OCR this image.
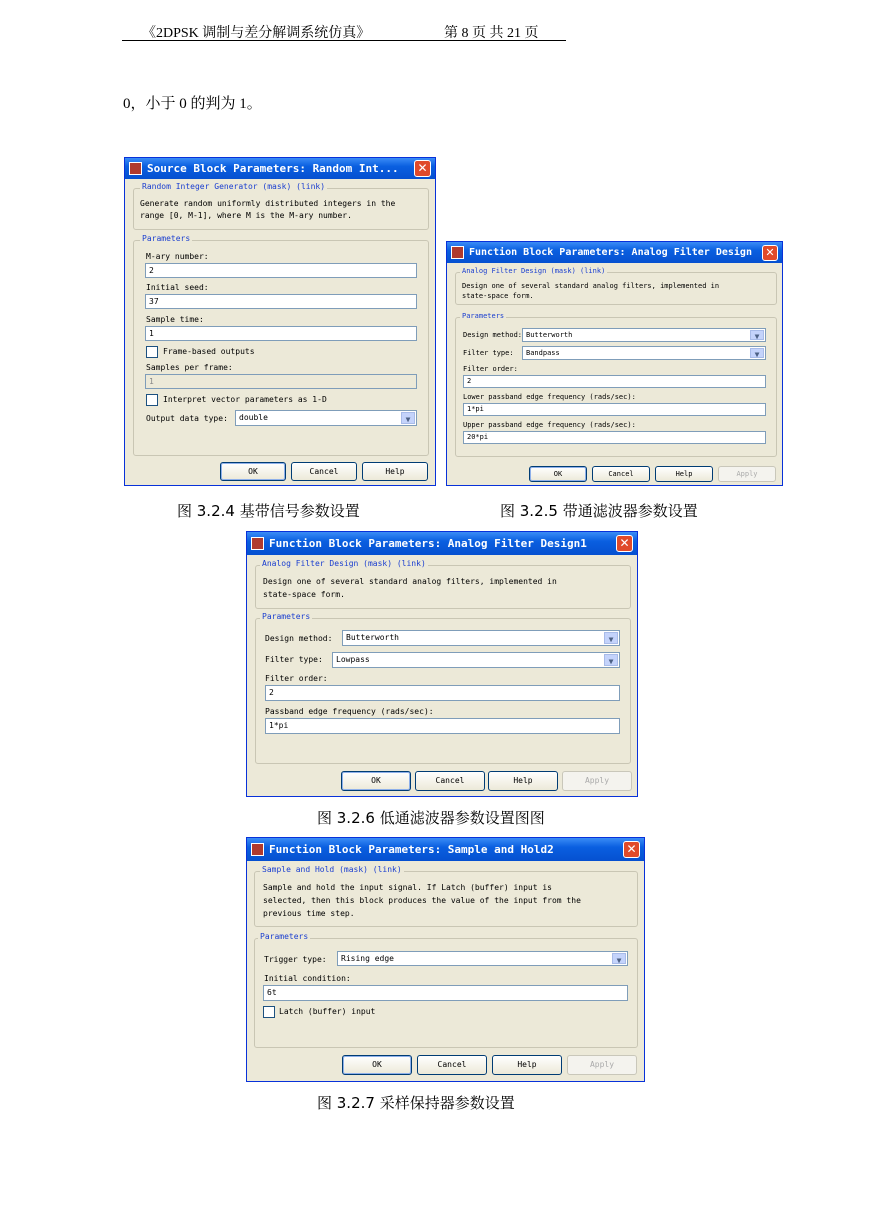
《2DPSK 调制与差分解调系统仿真》	第 8 页 共 21 页
0，小于 0 的判为 1。
Source Block Parameters: Random Int... ✕
Random Integer Generator (mask) (link)
Generate random uniformly distributed integers in the
range [0, M-1], where M is the M-ary number.
Parameters
M-ary number:
2
Initial seed:
37
Sample time:
1
Frame-based outputs
Samples per frame:
1
Interpret vector parameters as 1-D
Output data type:	double	▼
OK	Cancel	Help
Function Block Parameters: Analog Filter Design	✕
Analog Filter Design (mask) (link)
Design one of several standard analog filters, implemented in
state-space form.
Parameters
Design method: Butterworth	▼
Filter type:	Bandpass	▼
Filter order:
2
Lower passband edge frequency (rads/sec):
1*pi
Upper passband edge frequency (rads/sec):
20*pi
OK	Cancel	Help	Apply
图 3.2.4 基带信号参数设置	图 3.2.5 带通滤波器参数设置
Function Block Parameters: Analog Filter Design1	✕
Analog Filter Design (mask) (link)
Design one of several standard analog filters, implemented in
state-space form.
Parameters
Design method:	Butterworth	▼
Filter type:	Lowpass	▼
Filter order:
2
Passband edge frequency (rads/sec):
1*pi
OK	Cancel	Help	Apply
图 3.2.6 低通滤波器参数设置图图
Function Block Parameters: Sample and Hold2	✕
Sample and Hold (mask) (link)
Sample and hold the input signal. If Latch (buffer) input is
selected, then this block produces the value of the input from the
previous time step.
Parameters
Trigger type:	Rising edge	▼
Initial condition:
6t
Latch (buffer) input
OK	Cancel	Help	Apply
图 3.2.7 采样保持器参数设置
